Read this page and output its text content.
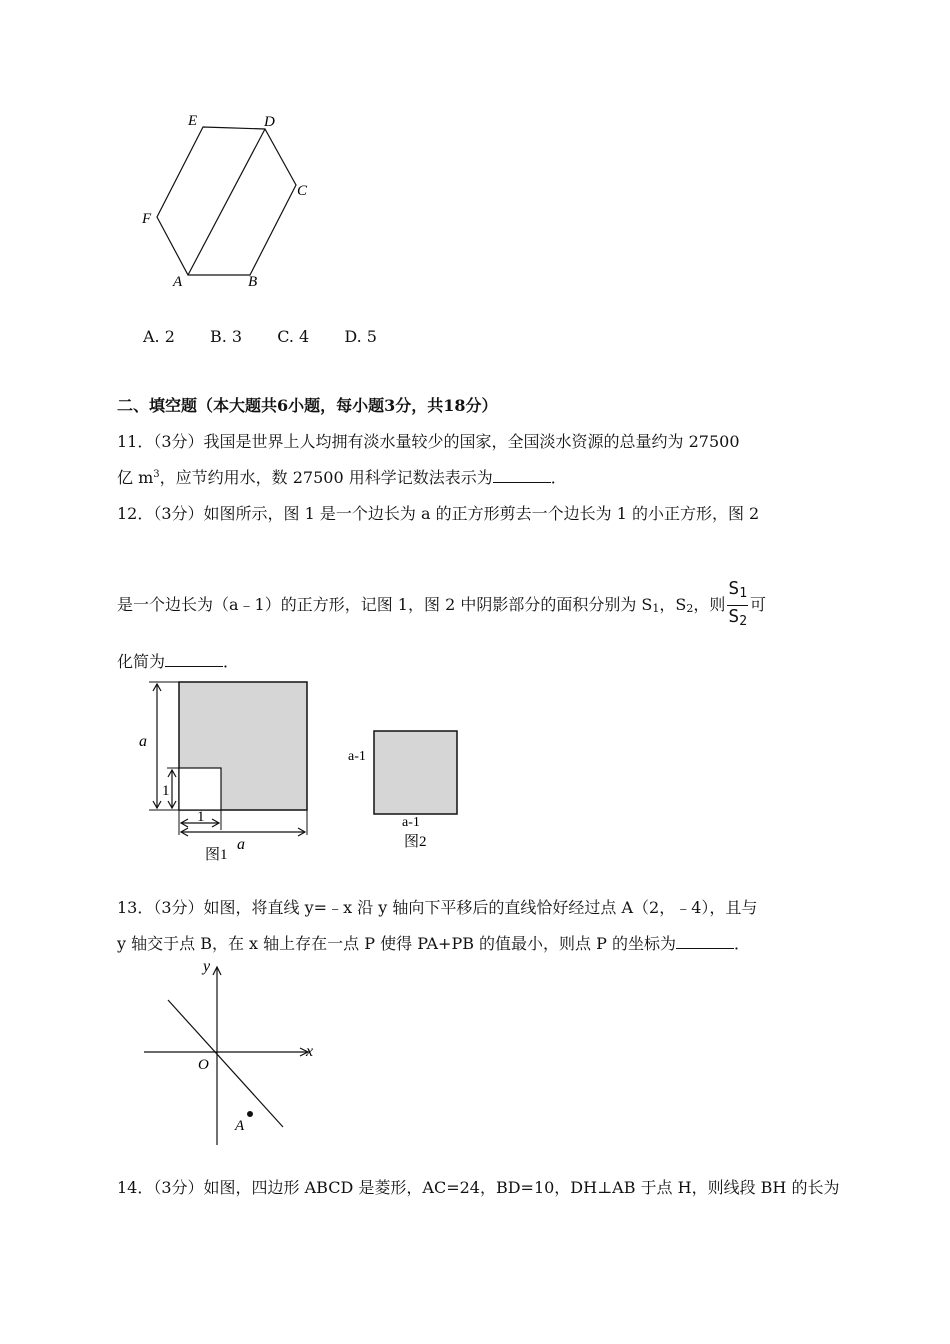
E	D
C
F
A	B
A. 2 B. 3 C. 4 D. 5
二、填空题（本大题共6小题，每小题3分，共18分）
11．（3分）我国是世界上人均拥有淡水量较少的国家，全国淡水资源的总量约为 27500
亿 $m^3$，应节约用水，数 27500 用科学记数法表示为	．
12．（3分）如图所示，图 1 是一个边长为 a 的正方形剪去一个边长为 1 的小正方形，图 2
是一个边长为（a﹣1）的正方形，记图 1，图 2 中阴影部分的面积分别为 $S_1$，$S_2$，则 $\frac{S_1}{S_2}$ 可
化简为	．
a
1
1
a
图1
a-1
a-1
图2
13．（3分）如图，将直线 y=﹣x 沿 y 轴向下平移后的直线恰好经过点 A（2，﹣4），且与
y 轴交于点 B，在 x 轴上存在一点 P 使得 PA+PB 的值最小，则点 P 的坐标为	．
x
y
O
A
14．（3分）如图，四边形 ABCD 是菱形，AC=24，BD=10，DH⊥AB 于点 H，则线段 BH 的长为
